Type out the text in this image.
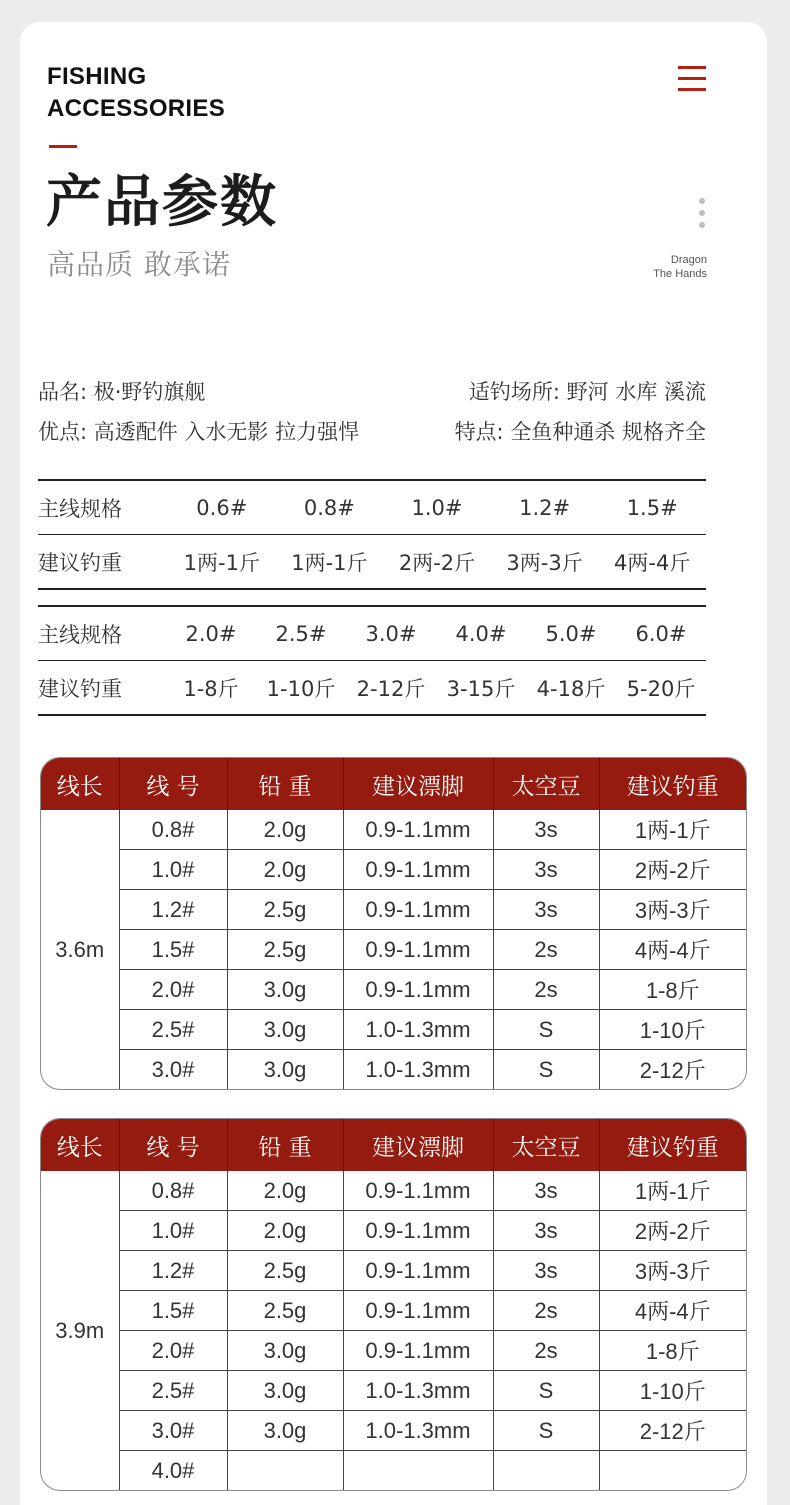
FISHING
ACCESSORIES
产品参数
高品质 敢承诺	Dragon
The Hands
品名: 极·野钓旗舰	适钓场所: 野河 水库 溪流
优点: 高透配件 入水无影 拉力强悍	特点: 全鱼种通杀 规格齐全
主线规格	0.6#	0.8#	1.0#	1.2#	1.5#
建议钓重	1两-1斤	1两-1斤	2两-2斤	3两-3斤	4两-4斤
主线规格	2.0#	2.5#	3.0#	4.0#	5.0#	6.0#
建议钓重	1-8斤	1-10斤	2-12斤	3-15斤	4-18斤	5-20斤
线长	线 号	铅 重	建议漂脚	太空豆	建议钓重
3.6m	0.8#	2.0g	0.9-1.1mm	3s	1两-1斤
	1.0#	2.0g	0.9-1.1mm	3s	2两-2斤
	1.2#	2.5g	0.9-1.1mm	3s	3两-3斤
	1.5#	2.5g	0.9-1.1mm	2s	4两-4斤
	2.0#	3.0g	0.9-1.1mm	2s	1-8斤
	2.5#	3.0g	1.0-1.3mm	S	1-10斤
	3.0#	3.0g	1.0-1.3mm	S	2-12斤
线长	线 号	铅 重	建议漂脚	太空豆	建议钓重
3.9m	0.8#	2.0g	0.9-1.1mm	3s	1两-1斤
	1.0#	2.0g	0.9-1.1mm	3s	2两-2斤
	1.2#	2.5g	0.9-1.1mm	3s	3两-3斤
	1.5#	2.5g	0.9-1.1mm	2s	4两-4斤
	2.0#	3.0g	0.9-1.1mm	2s	1-8斤
	2.5#	3.0g	1.0-1.3mm	S	1-10斤
	3.0#	3.0g	1.0-1.3mm	S	2-12斤
	4.0#				
